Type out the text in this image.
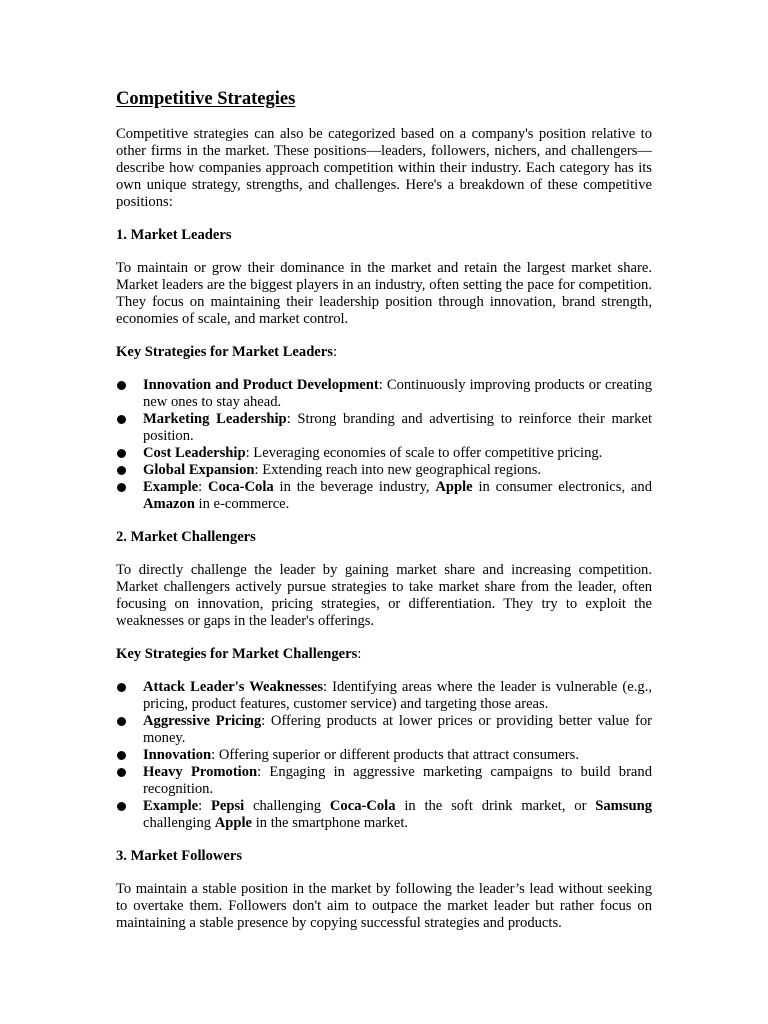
Competitive Strategies

Competitive strategies can also be categorized based on a company's position relative to other firms in the market. These positions—leaders, followers, nichers, and challengers—describe how companies approach competition within their industry. Each category has its own unique strategy, strengths, and challenges. Here's a breakdown of these competitive positions:

1. Market Leaders

To maintain or grow their dominance in the market and retain the largest market share. Market leaders are the biggest players in an industry, often setting the pace for competition. They focus on maintaining their leadership position through innovation, brand strength, economies of scale, and market control.

Key Strategies for Market Leaders:
Innovation and Product Development: Continuously improving products or creating new ones to stay ahead.
Marketing Leadership: Strong branding and advertising to reinforce their market position.
Cost Leadership: Leveraging economies of scale to offer competitive pricing.
Global Expansion: Extending reach into new geographical regions.
Example: Coca-Cola in the beverage industry, Apple in consumer electronics, and Amazon in e-commerce.
2. Market Challengers

To directly challenge the leader by gaining market share and increasing competition. Market challengers actively pursue strategies to take market share from the leader, often focusing on innovation, pricing strategies, or differentiation. They try to exploit the weaknesses or gaps in the leader's offerings.

Key Strategies for Market Challengers:
Attack Leader's Weaknesses: Identifying areas where the leader is vulnerable (e.g., pricing, product features, customer service) and targeting those areas.
Aggressive Pricing: Offering products at lower prices or providing better value for money.
Innovation: Offering superior or different products that attract consumers.
Heavy Promotion: Engaging in aggressive marketing campaigns to build brand recognition.
Example: Pepsi challenging Coca-Cola in the soft drink market, or Samsung challenging Apple in the smartphone market.
3. Market Followers

To maintain a stable position in the market by following the leader’s lead without seeking to overtake them. Followers don't aim to outpace the market leader but rather focus on maintaining a stable presence by copying successful strategies and products.
